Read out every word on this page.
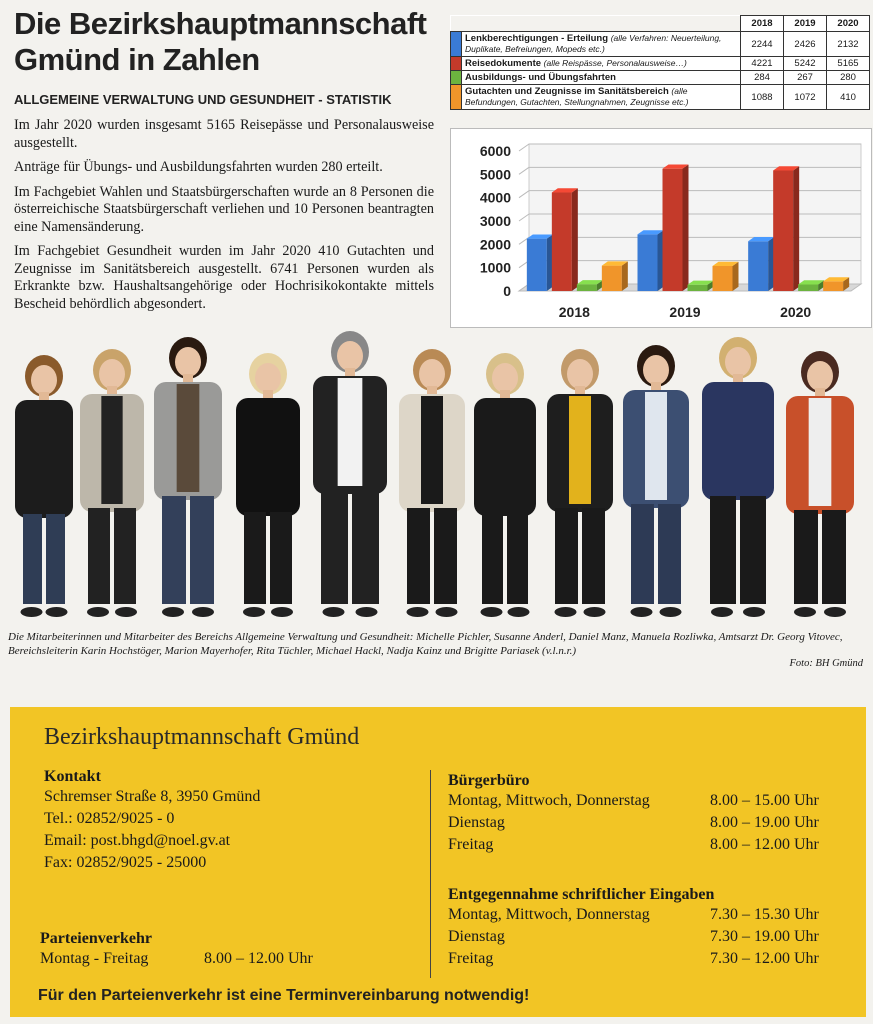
Die Bezirkshauptmannschaft Gmünd in Zahlen
ALLGEMEINE VERWALTUNG UND GESUNDHEIT - STATISTIK

Im Jahr 2020 wurden insgesamt 5165 Reisepässe und Personalausweise ausgestellt.

Anträge für Übungs- und Ausbildungsfahrten wurden 280 erteilt.

Im Fachgebiet Wahlen und Staatsbürgerschaften wurde an 8 Personen die österreichische Staatsbürgerschaft verliehen und 10 Personen beantragten eine Namensänderung.

Im Fachgebiet Gesundheit wurden im Jahr 2020 410 Gutachten und Zeugnisse im Sanitätsbereich ausgestellt. 6741 Personen wurden als Erkrankte bzw. Haushaltsangehörige oder Hochrisikokontakte mittels Bescheid behördlich abgesondert.

		2018	2019	2020
	Lenkberechtigungen - Erteilung (alle Verfahren: Neuerteilung, Duplikate, Befreiungen, Mopeds etc.)	2244	2426	2132
	Reisedokumente (alle Reispässe, Personalausweise…)	4221	5242	5165
	Ausbildungs- und Übungsfahrten	284	267	280
	Gutachten und Zeugnisse im Sanitätsbereich (alle Befundungen, Gutachten, Stellungnahmen, Zeugnisse etc.)	1088	1072	410
0
1000
2000
3000
4000
5000
6000
2018	2019	2020
Die Mitarbeiterinnen und Mitarbeiter des Bereichs Allgemeine Verwaltung und Gesundheit: Michelle Pichler, Susanne Anderl, Daniel Manz, Manuela Rozliwka, Amtsarzt Dr. Georg Vitovec, Bereichsleiterin Karin Hochstöger, Marion Mayerhofer, Rita Tüchler, Michael Hackl, Nadja Kainz und Brigitte Pariasek (v.l.n.r.)
Foto: BH Gmünd
Bezirkshauptmannschaft Gmünd
Kontakt
Schremser Straße 8, 3950 Gmünd
Tel.: 02852/9025 - 0
Email: post.bhgd@noel.gv.at
Fax: 02852/9025 - 25000
Parteienverkehr
Montag - Freitag	8.00 – 12.00 Uhr
Bürgerbüro
Montag, Mittwoch, Donnerstag	8.00 – 15.00 Uhr
Dienstag	8.00 – 19.00 Uhr
Freitag	8.00 – 12.00 Uhr
Entgegennahme schriftlicher Eingaben
Montag, Mittwoch, Donnerstag	7.30 – 15.30 Uhr
Dienstag	7.30 – 19.00 Uhr
Freitag	7.30 – 12.00 Uhr
Für den Parteienverkehr ist eine Terminvereinbarung notwendig!
